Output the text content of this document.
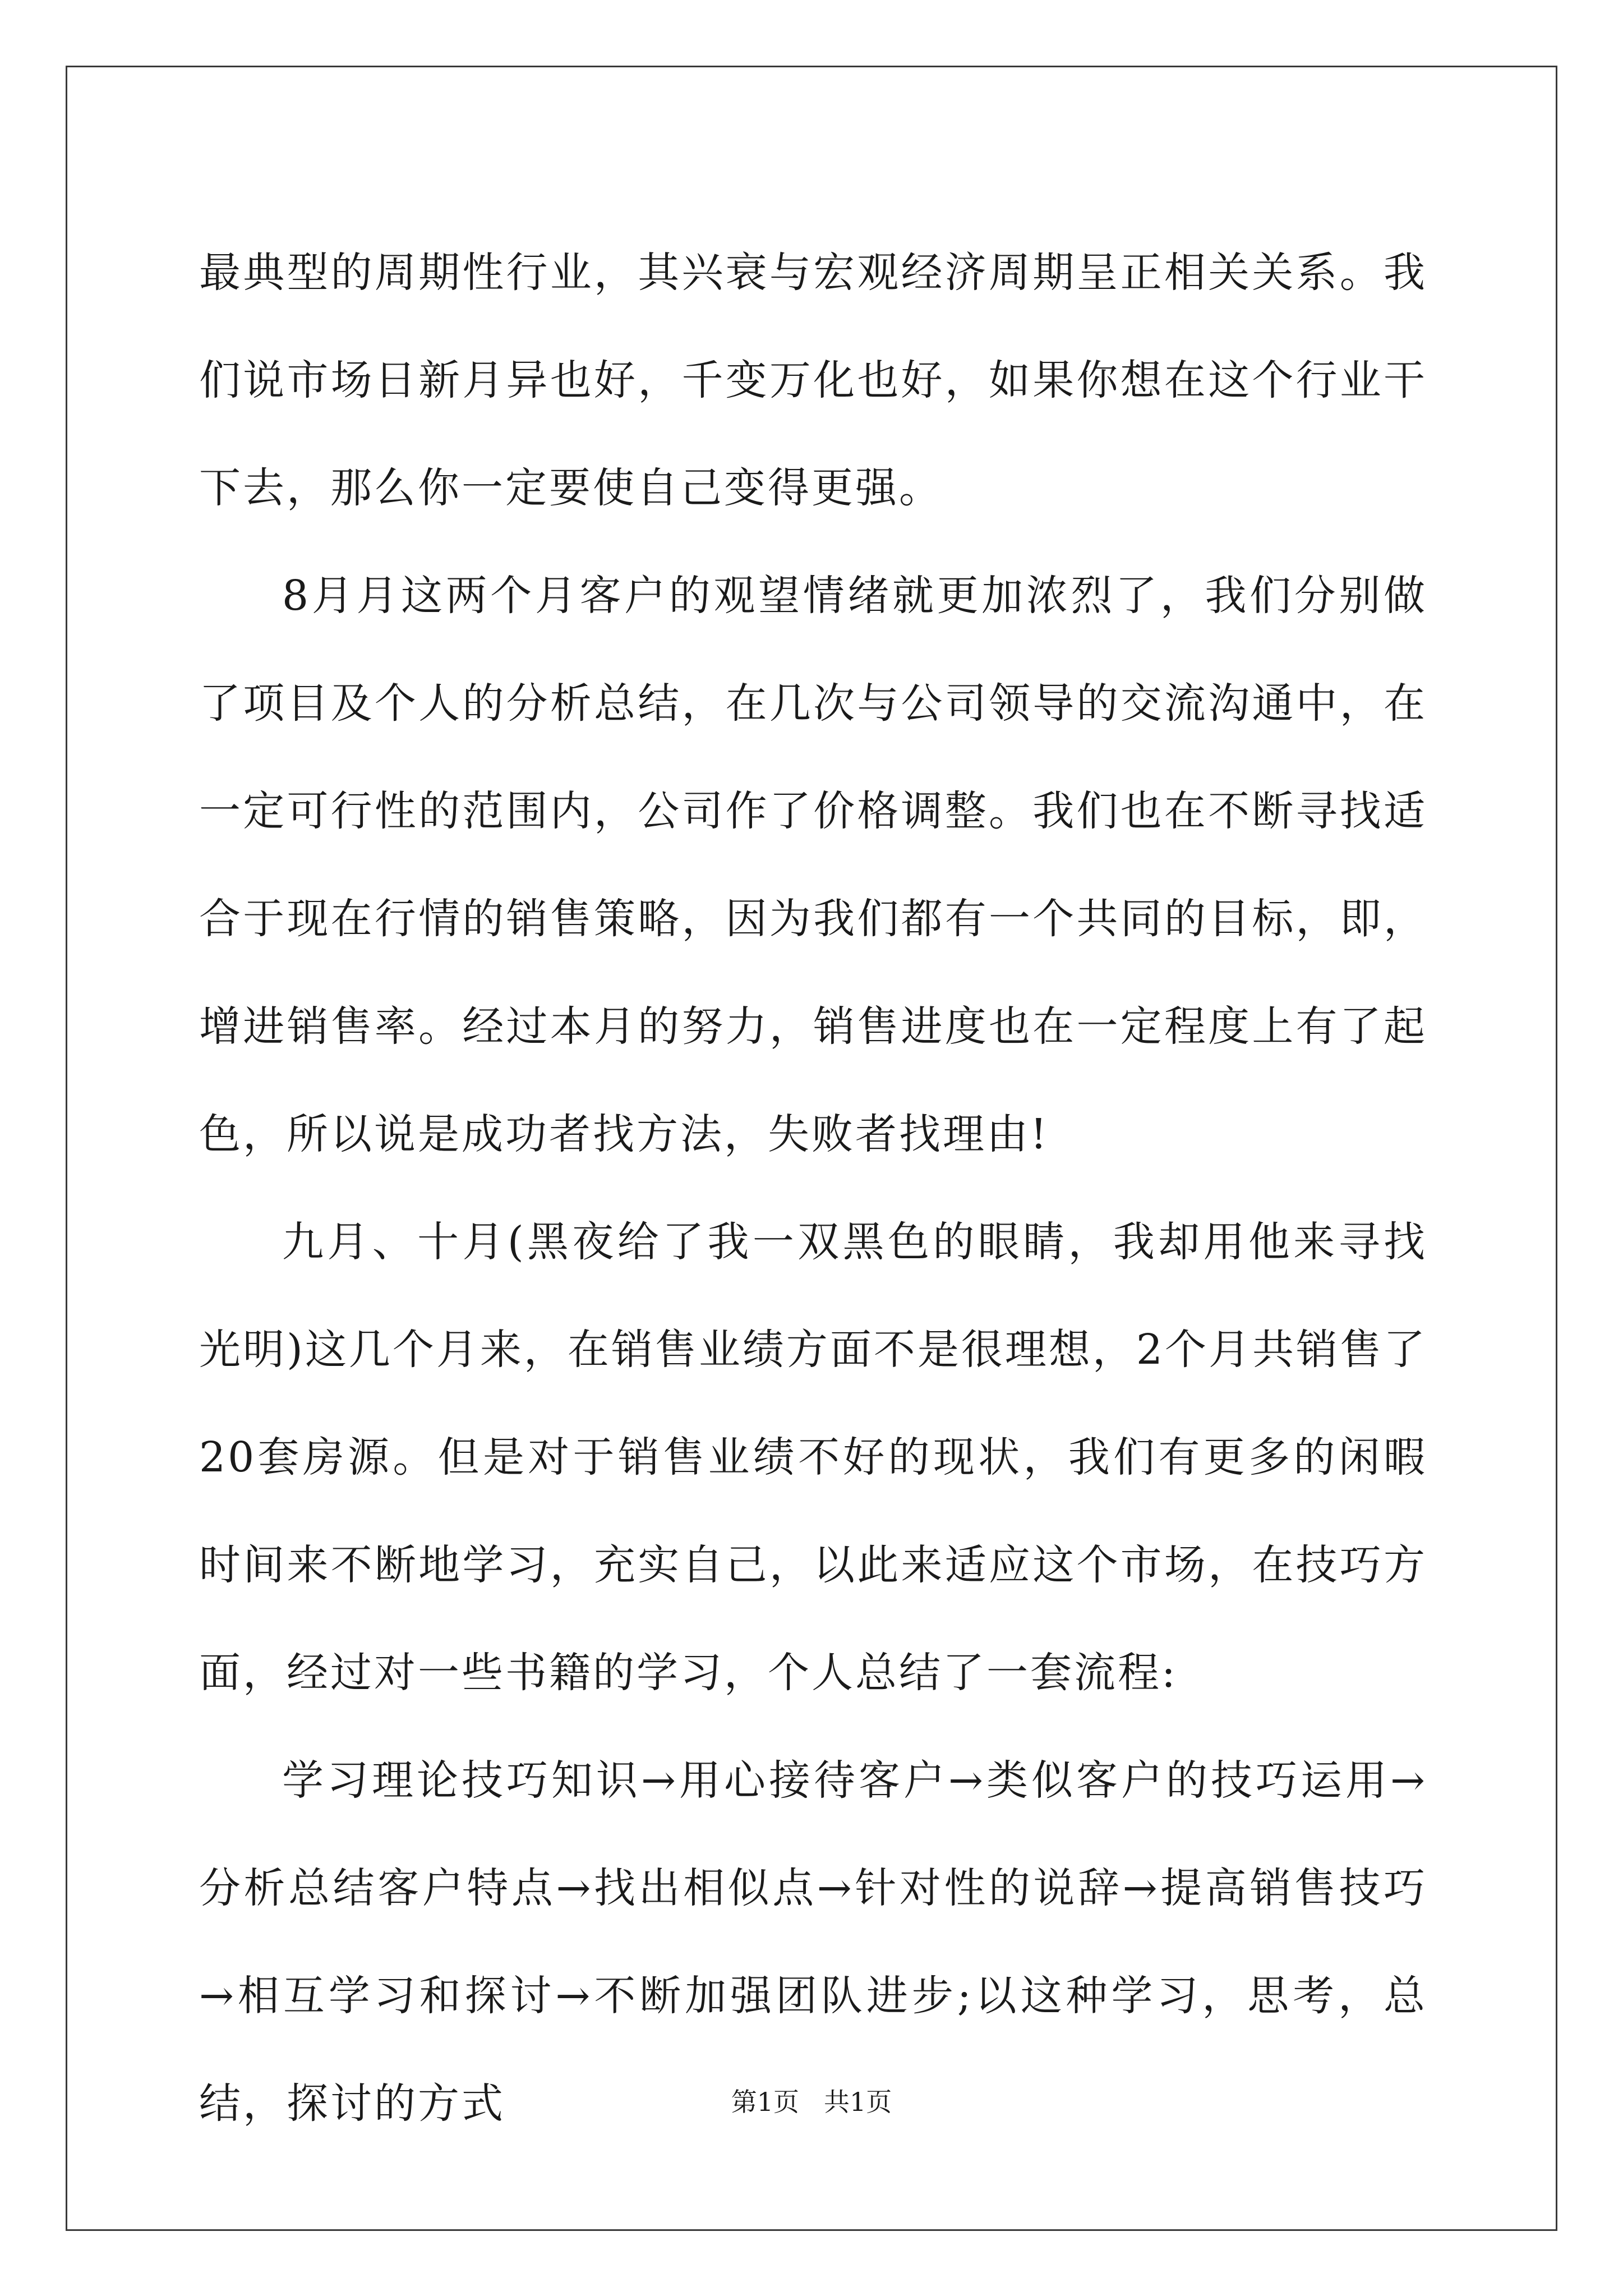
最典型的周期性行业，其兴衰与宏观经济周期呈正相关关系。我们说市场日新月异也好，千变万化也好，如果你想在这个行业干下去，那么你一定要使自己变得更强。

8月月这两个月客户的观望情绪就更加浓烈了，我们分别做了项目及个人的分析总结，在几次与公司领导的交流沟通中，在一定可行性的范围内，公司作了价格调整。我们也在不断寻找适合于现在行情的销售策略，因为我们都有一个共同的目标，即，增进销售率。经过本月的努力，销售进度也在一定程度上有了起色，所以说是成功者找方法，失败者找理由!

九月、十月(黑夜给了我一双黑色的眼睛，我却用他来寻找光明)这几个月来，在销售业绩方面不是很理想，2个月共销售了20套房源。但是对于销售业绩不好的现状，我们有更多的闲暇时间来不断地学习，充实自己，以此来适应这个市场，在技巧方面，经过对一些书籍的学习，个人总结了一套流程:

学习理论技巧知识→用心接待客户→类似客户的技巧运用→分析总结客户特点→找出相似点→针对性的说辞→提高销售技巧→相互学习和探讨→不断加强团队进步;以这种学习，思考，总结，探讨的方式	第1页 共1页
